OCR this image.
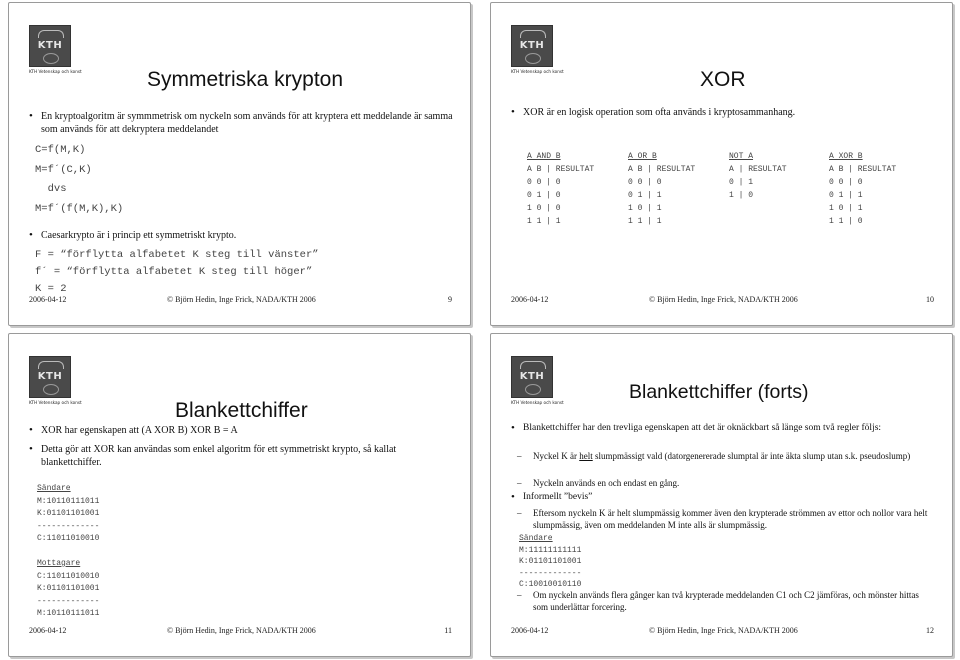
KTH
KTH Vetenskap och konst	Symmetriska krypton
• En kryptoalgoritm är symmmetrisk om nyckeln som används för att kryptera ett meddelande är samma som används för att dekryptera meddelandet
C=f(M,K)
M=f´(C,K)
dvs
M=f´(f(M,K),K)
• Caesarkrypto är i princip ett symmetriskt krypto.
F = “förflytta alfabetet K steg till vänster”
f´ = “förflytta alfabetet K steg till höger”
K = 2
2006-04-12	© Björn Hedin, Inge Frick, NADA/KTH 2006	9
KTH
KTH Vetenskap och konst	XOR
• XOR är en logisk operation som ofta används i kryptosammanhang.
A AND B
A B | RESULTAT
0 0 | 0
0 1 | 0
1 0 | 0
1 1 | 1
A OR B
A B | RESULTAT
0 0 | 0
0 1 | 1
1 0 | 1
1 1 | 1
NOT A
A | RESULTAT
0 | 1
1 | 0
A XOR B
A B | RESULTAT
0 0 | 0
0 1 | 1
1 0 | 1
1 1 | 0
2006-04-12	© Björn Hedin, Inge Frick, NADA/KTH 2006	10
KTH
KTH Vetenskap och konst	Blankettchiffer
• XOR har egenskapen att (A XOR B) XOR B = A
• Detta gör att XOR kan användas som enkel algoritm för ett symmetriskt krypto, så kallat blankettchiffer.
Sändare
M:10110111011
K:01101101001
-------------
C:11011010010
Mottagare
C:11011010010
K:01101101001
-------------
M:10110111011
2006-04-12	© Björn Hedin, Inge Frick, NADA/KTH 2006	11
KTH
KTH Vetenskap och konst	Blankettchiffer (forts)
• Blankettchiffer har den trevliga egenskapen att det är oknäckbart så länge som två regler följs:
– Nyckel K är helt slumpmässigt vald (datorgenererade slumptal är inte äkta slump utan s.k. pseudoslump)
– Nyckeln används en och endast en gång.
• Informellt ”bevis”
– Eftersom nyckeln K är helt slumpmässig kommer även den krypterade strömmen av ettor och nollor vara helt slumpmässig, även om meddelanden M inte alls är slumpmässig.
Sändare
M:11111111111
K:01101101001
-------------
C:10010010110
– Om nyckeln används flera gånger kan två krypterade meddelanden C1 och C2 jämföras, och mönster hittas som underlättar forcering.
2006-04-12	© Björn Hedin, Inge Frick, NADA/KTH 2006	12
